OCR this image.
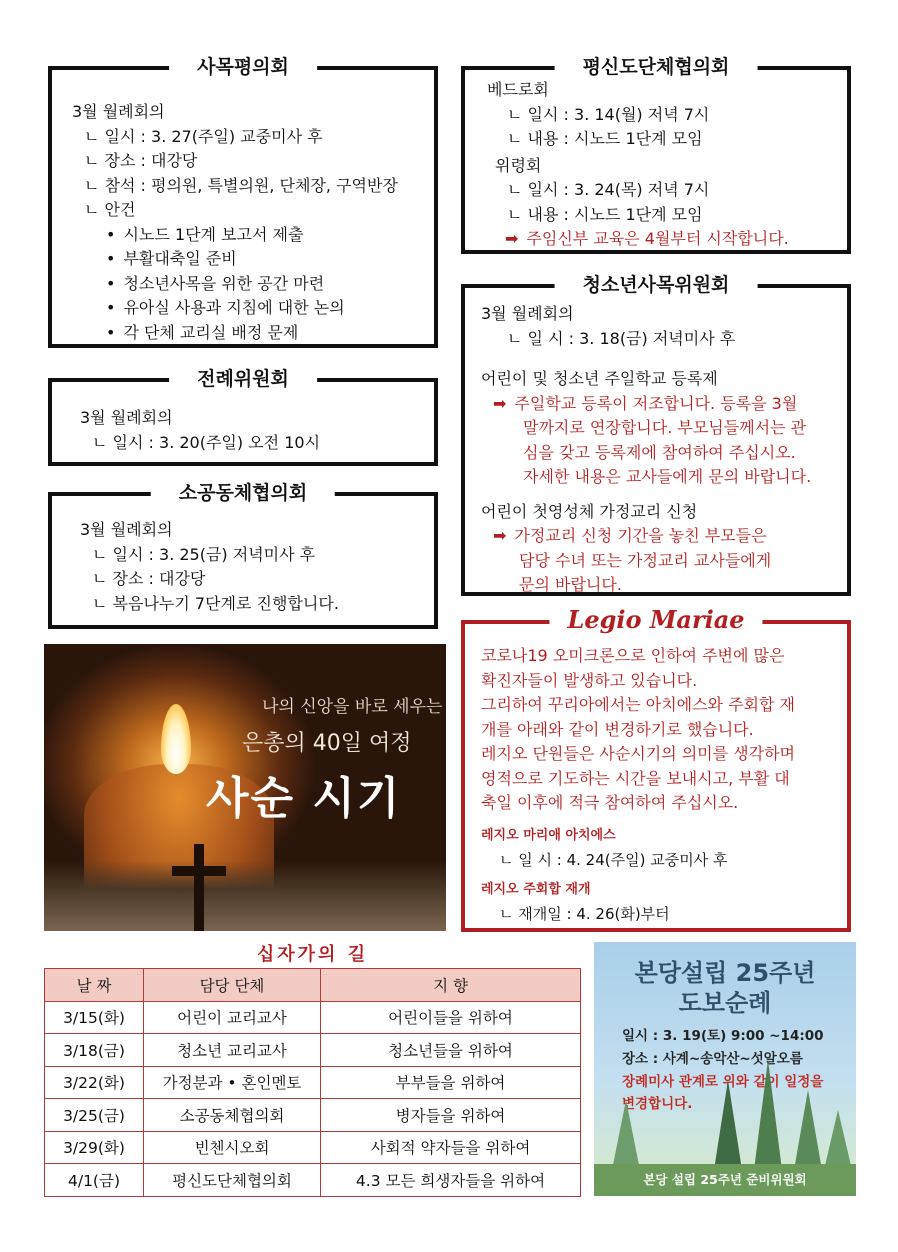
사목평의회
3월 월례회의
ㄴ 일시 : 3. 27(주일) 교중미사 후
ㄴ 장소 : 대강당
ㄴ 참석 : 평의원, 특별의원, 단체장, 구역반장
ㄴ 안건
• 시노드 1단계 보고서 제출
• 부활대축일 준비
• 청소년사목을 위한 공간 마련
• 유아실 사용과 지침에 대한 논의
• 각 단체 교리실 배정 문제
전례위원회
3월 월례회의
ㄴ 일시 : 3. 20(주일) 오전 10시
소공동체협의회
3월 월례회의
ㄴ 일시 : 3. 25(금) 저녁미사 후
ㄴ 장소 : 대강당
ㄴ 복음나누기 7단계로 진행합니다.
평신도단체협의회
베드로회
ㄴ 일시 : 3. 14(월) 저녁 7시
ㄴ 내용 : 시노드 1단계 모임
위령회
ㄴ 일시 : 3. 24(목) 저녁 7시
ㄴ 내용 : 시노드 1단계 모임
➡ 주임신부 교육은 4월부터 시작합니다.
청소년사목위원회
3월 월례회의
ㄴ 일 시 : 3. 18(금) 저녁미사 후
어린이 및 청소년 주일학교 등록제
➡ 주일학교 등록이 저조합니다. 등록을 3월
말까지로 연장합니다. 부모님들께서는 관
심을 갖고 등록제에 참여하여 주십시오.
자세한 내용은 교사들에게 문의 바랍니다.
어린이 첫영성체 가정교리 신청
➡ 가정교리 신청 기간을 놓친 부모들은
담당 수녀 또는 가정교리 교사들에게
문의 바랍니다.
Legio Mariae
코로나19 오미크론으로 인하여 주변에 많은
확진자들이 발생하고 있습니다.
그리하여 꾸리아에서는 아치에스와 주회합 재
개를 아래와 같이 변경하기로 했습니다.
레지오 단원들은 사순시기의 의미를 생각하며
영적으로 기도하는 시간을 보내시고, 부활 대
축일 이후에 적극 참여하여 주십시오.
레지오 마리애 아치에스
ㄴ 일 시 : 4. 24(주일) 교중미사 후
레지오 주회합 재개
ㄴ 재개일 : 4. 26(화)부터
나의 신앙을 바로 세우는
은총의 40일 여정
사순 시기
십자가의 길
날 짜	담당 단체	지 향
3/15(화)	어린이 교리교사	어린이들을 위하여
3/18(금)	청소년 교리교사	청소년들을 위하여
3/22(화)	가정분과 • 혼인멘토	부부들을 위하여
3/25(금)	소공동체협의회	병자들을 위하여
3/29(화)	빈첸시오회	사회적 약자들을 위하여
4/1(금)	평신도단체협의회	4.3 모든 희생자들을 위하여
본당설립 25주년
도보순례
일시 : 3. 19(토) 9:00 ~14:00
장소 : 사계~송악산~섯알오름
장례미사 관계로 위와 같이 일정을
변경합니다.
본당 설립 25주년 준비위원회
